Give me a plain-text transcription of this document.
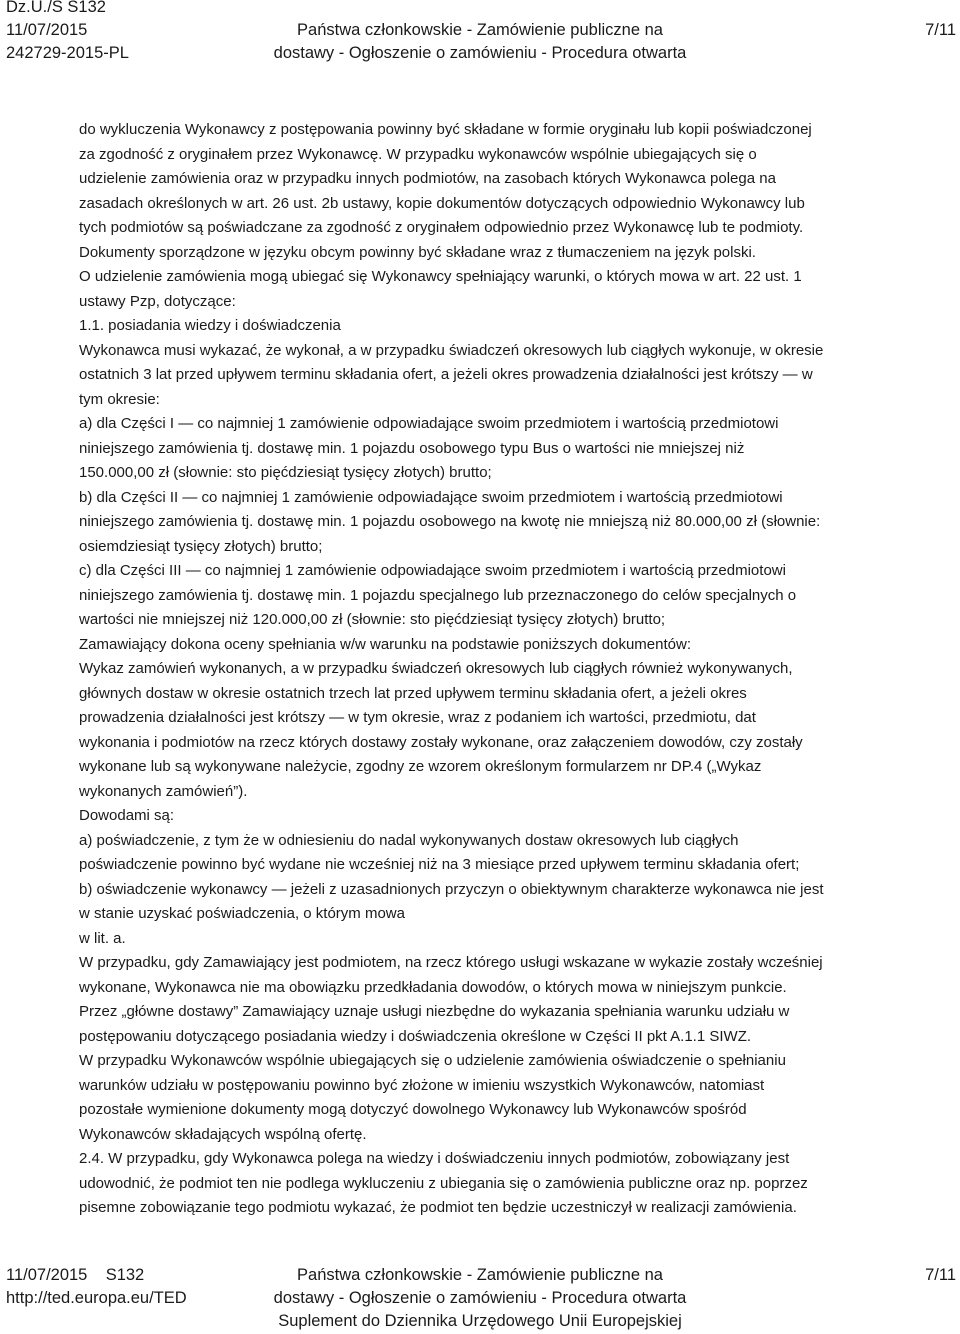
Dz.U./S S132
11/07/2015
242729-2015-PL
Państwa członkowskie - Zamówienie publiczne na
dostawy - Ogłoszenie o zamówieniu - Procedura otwarta
7/11
do wykluczenia Wykonawcy z postępowania powinny być składane w formie oryginału lub kopii poświadczonej
za zgodność z oryginałem przez Wykonawcę. W przypadku wykonawców wspólnie ubiegających się o
udzielenie zamówienia oraz w przypadku innych podmiotów, na zasobach których Wykonawca polega na
zasadach określonych w art. 26 ust. 2b ustawy, kopie dokumentów dotyczących odpowiednio Wykonawcy lub
tych podmiotów są poświadczane za zgodność z oryginałem odpowiednio przez Wykonawcę lub te podmioty.
Dokumenty sporządzone w języku obcym powinny być składane wraz z tłumaczeniem na język polski.
O udzielenie zamówienia mogą ubiegać się Wykonawcy spełniający warunki, o których mowa w art. 22 ust. 1
ustawy Pzp, dotyczące:
1.1. posiadania wiedzy i doświadczenia
Wykonawca musi wykazać, że wykonał, a w przypadku świadczeń okresowych lub ciągłych wykonuje, w okresie
ostatnich 3 lat przed upływem terminu składania ofert, a jeżeli okres prowadzenia działalności jest krótszy — w
tym okresie:
a) dla Części I — co najmniej 1 zamówienie odpowiadające swoim przedmiotem i wartością przedmiotowi
niniejszego zamówienia tj. dostawę min. 1 pojazdu osobowego typu Bus o wartości nie mniejszej niż
150.000,00 zł (słownie: sto pięćdziesiąt tysięcy złotych) brutto;
b) dla Części II — co najmniej 1 zamówienie odpowiadające swoim przedmiotem i wartością przedmiotowi
niniejszego zamówienia tj. dostawę min. 1 pojazdu osobowego na kwotę nie mniejszą niż 80.000,00 zł (słownie:
osiemdziesiąt tysięcy złotych) brutto;
c) dla Części III — co najmniej 1 zamówienie odpowiadające swoim przedmiotem i wartością przedmiotowi
niniejszego zamówienia tj. dostawę min. 1 pojazdu specjalnego lub przeznaczonego do celów specjalnych o
wartości nie mniejszej niż 120.000,00 zł (słownie: sto pięćdziesiąt tysięcy złotych) brutto;
Zamawiający dokona oceny spełniania w/w warunku na podstawie poniższych dokumentów:
Wykaz zamówień wykonanych, a w przypadku świadczeń okresowych lub ciągłych również wykonywanych,
głównych dostaw w okresie ostatnich trzech lat przed upływem terminu składania ofert, a jeżeli okres
prowadzenia działalności jest krótszy — w tym okresie, wraz z podaniem ich wartości, przedmiotu, dat
wykonania i podmiotów na rzecz których dostawy zostały wykonane, oraz załączeniem dowodów, czy zostały
wykonane lub są wykonywane należycie, zgodny ze wzorem określonym formularzem nr DP.4 („Wykaz
wykonanych zamówień”).
Dowodami są:
a) poświadczenie, z tym że w odniesieniu do nadal wykonywanych dostaw okresowych lub ciągłych
poświadczenie powinno być wydane nie wcześniej niż na 3 miesiące przed upływem terminu składania ofert;
b) oświadczenie wykonawcy — jeżeli z uzasadnionych przyczyn o obiektywnym charakterze wykonawca nie jest
w stanie uzyskać poświadczenia, o którym mowa
w lit. a.
W przypadku, gdy Zamawiający jest podmiotem, na rzecz którego usługi wskazane w wykazie zostały wcześniej
wykonane, Wykonawca nie ma obowiązku przedkładania dowodów, o których mowa w niniejszym punkcie.
Przez „główne dostawy” Zamawiający uznaje usługi niezbędne do wykazania spełniania warunku udziału w
postępowaniu dotyczącego posiadania wiedzy i doświadczenia określone w Części II pkt A.1.1 SIWZ.
W przypadku Wykonawców wspólnie ubiegających się o udzielenie zamówienia oświadczenie o spełnianiu
warunków udziału w postępowaniu powinno być złożone w imieniu wszystkich Wykonawców, natomiast
pozostałe wymienione dokumenty mogą dotyczyć dowolnego Wykonawcy lub Wykonawców spośród
Wykonawców składających wspólną ofertę.
2.4. W przypadku, gdy Wykonawca polega na wiedzy i doświadczeniu innych podmiotów, zobowiązany jest
udowodnić, że podmiot ten nie podlega wykluczeniu z ubiegania się o zamówienia publiczne oraz np. poprzez
pisemne zobowiązanie tego podmiotu wykazać, że podmiot ten będzie uczestniczył w realizacji zamówienia.
11/07/2015    S132
http://ted.europa.eu/TED
Państwa członkowskie - Zamówienie publiczne na
dostawy - Ogłoszenie o zamówieniu - Procedura otwarta
Suplement do Dziennika Urzędowego Unii Europejskiej
7/11
